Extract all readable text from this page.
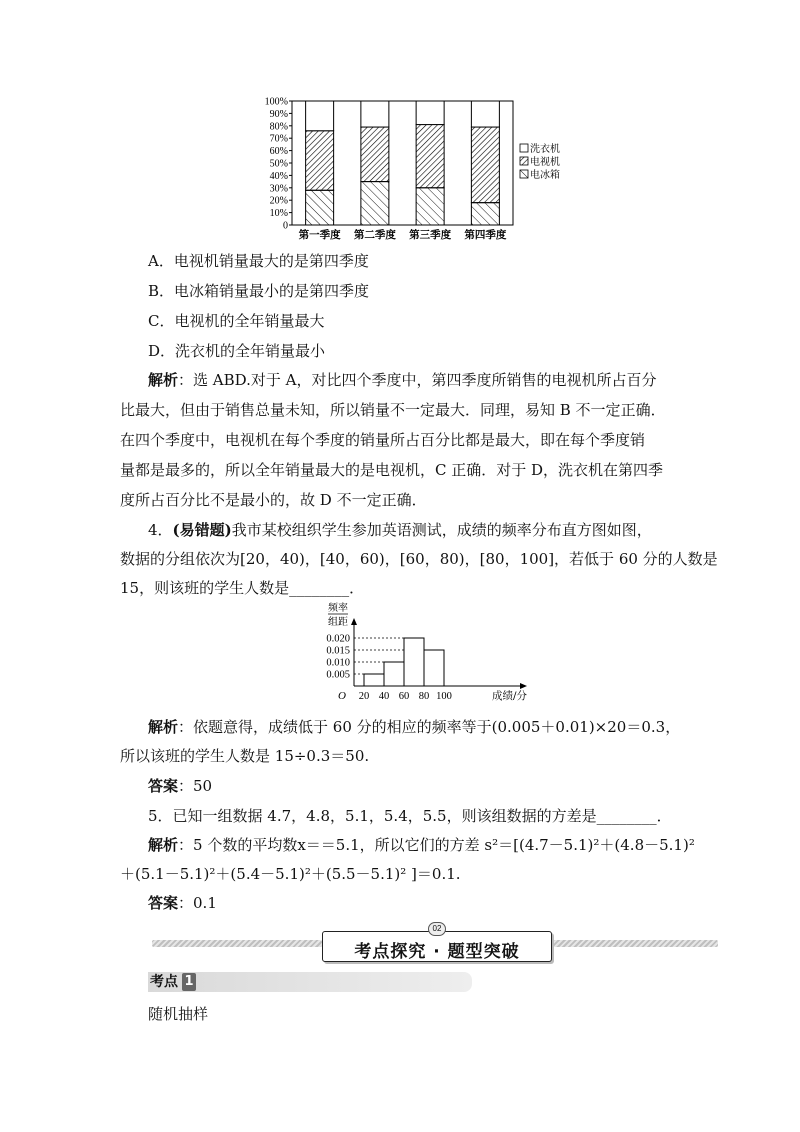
0
10%
20%
30%
40%
50%
60%
70%
80%
90%
100%
第一季度 第二季度 第三季度 第四季度
洗衣机
电视机
电冰箱
A．电视机销量最大的是第四季度
B．电冰箱销量最小的是第四季度
C．电视机的全年销量最大
D．洗衣机的全年销量最小
解析：选 ABD.对于 A，对比四个季度中，第四季度所销售的电视机所占百分
比最大，但由于销售总量未知，所以销量不一定最大．同理，易知 B 不一定正确．
在四个季度中，电视机在每个季度的销量所占百分比都是最大，即在每个季度销
量都是最多的，所以全年销量最大的是电视机，C 正确．对于 D，洗衣机在第四季
度所占百分比不是最小的，故 D 不一定正确．
4．(易错题)我市某校组织学生参加英语测试，成绩的频率分布直方图如图，
数据的分组依次为[20，40)，[40，60)，[60，80)，[80，100]，若低于 60 分的人数是
15，则该班的学生人数是________．
0.005
0.010
0.015
0.020
20 40 60 80 100	成绩/分
O
频率
组距
解析：依题意得，成绩低于 60 分的相应的频率等于(0.005＋0.01)×20＝0.3，
所以该班的学生人数是 15÷0.3＝50.
答案：50
5．已知一组数据 4.7，4.8，5.1，5.4，5.5，则该组数据的方差是________．
解析：5 个数的平均数x＝＝5.1，所以它们的方差 s²＝[(4.7－5.1)²＋(4.8－5.1)²
＋(5.1－5.1)²＋(5.4－5.1)²＋(5.5－5.1)² ]＝0.1.
答案：0.1
02
考点探究 · 题型突破
考点 1
随机抽样
